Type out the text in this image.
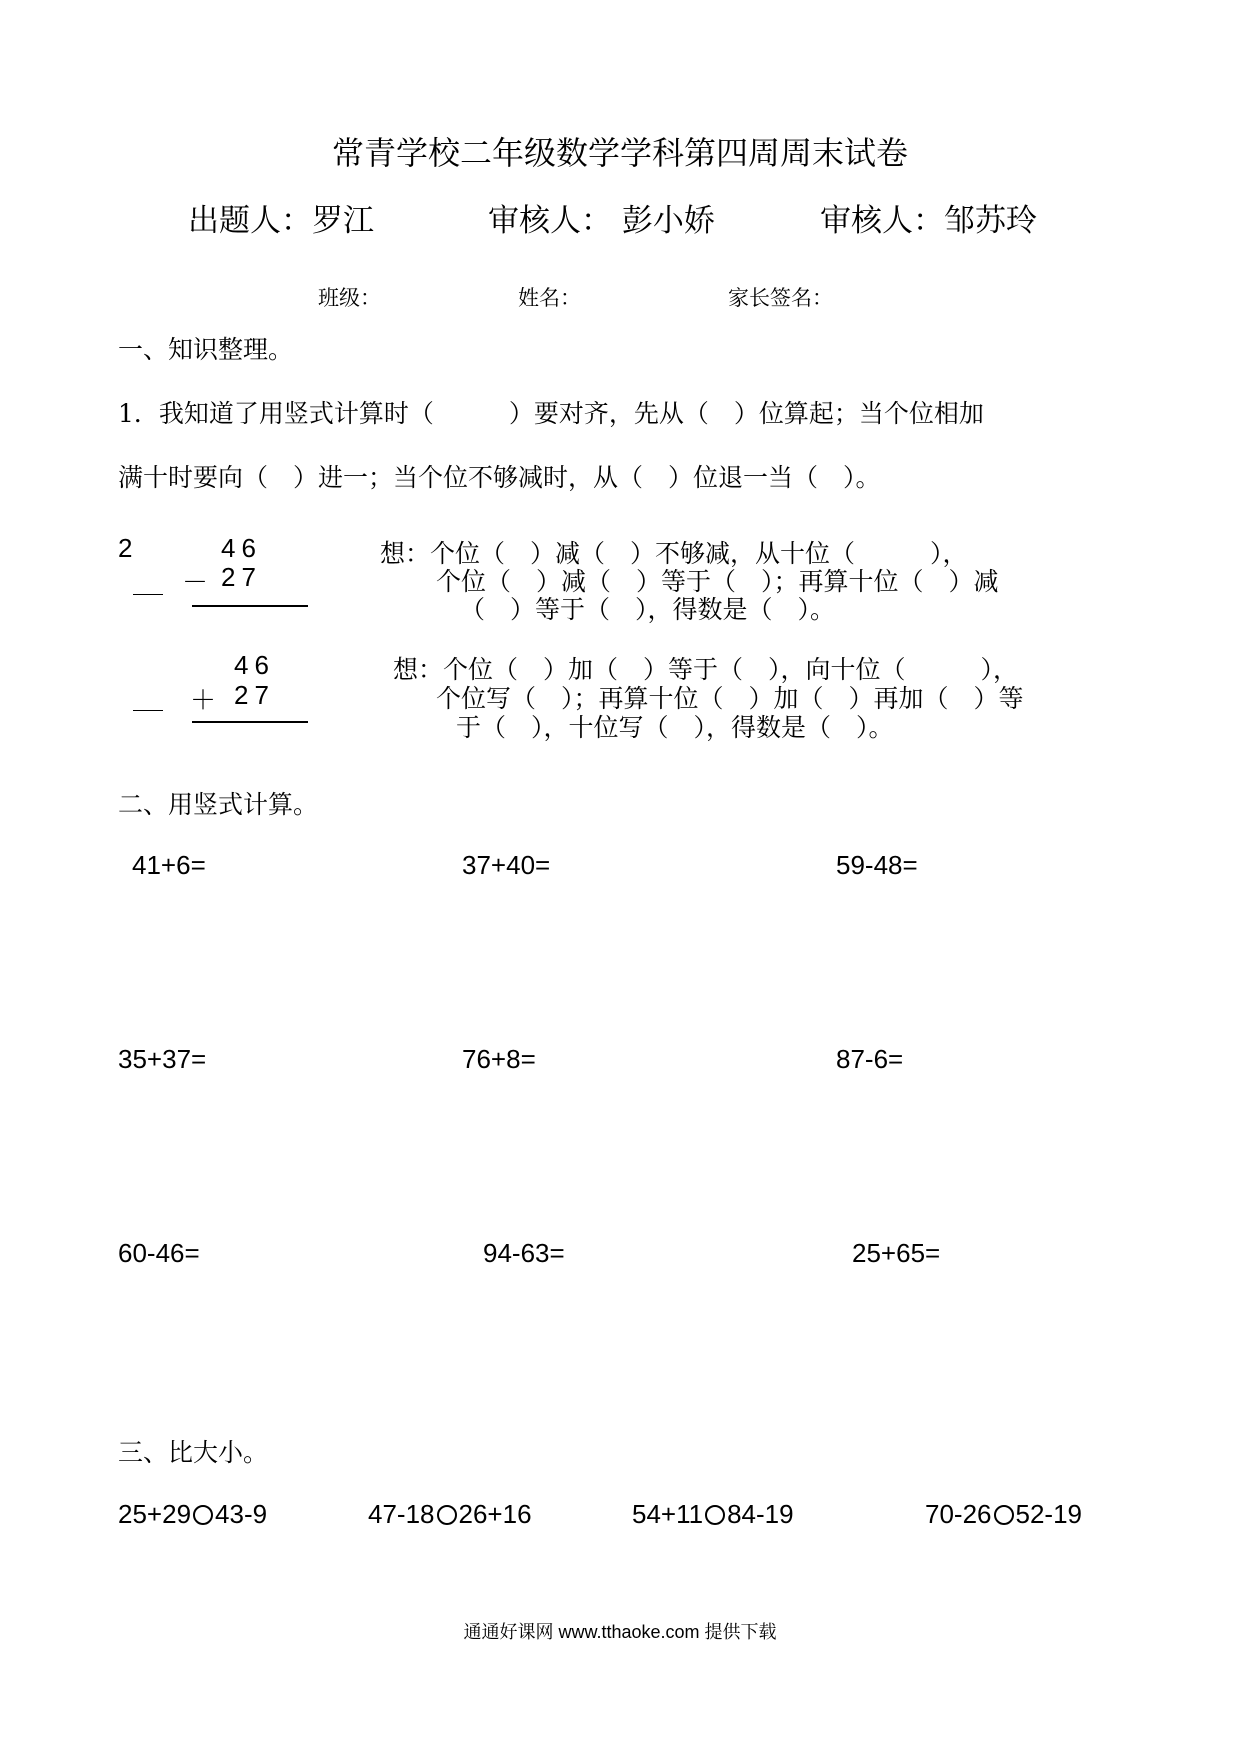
常青学校二年级数学学科第四周周末试卷
出题人：罗江	审核人： 彭小娇	审核人：邹苏玲
班级：	姓名：	家长签名：
一、知识整理。
1．我知道了用竖式计算时（　　　）要对齐，先从（　）位算起；当个位相加
满十时要向（　）进一；当个位不够减时，从（　）位退一当（　）。
2	46
－ 27
想：个位（　）减（　）不够减，从十位（　　　），
个位（　）减（　）等于（　）；再算十位（　）减
（　）等于（　），得数是（　）。
46
＋ 27
想：个位（　）加（　）等于（　），向十位（　　　），
个位写（　）；再算十位（　）加（　）再加（　）等
于（　），十位写（　），得数是（　）。
二、用竖式计算。
41+6=	37+40=	59-48=
35+37=	76+8=	87-6=
60-46=	94-63=	25+65=
三、比大小。
25+29 43-9	47-18 26+16	54+11 84-19	70-26 52-19
通通好课网 www.tthaoke.com 提供下载
